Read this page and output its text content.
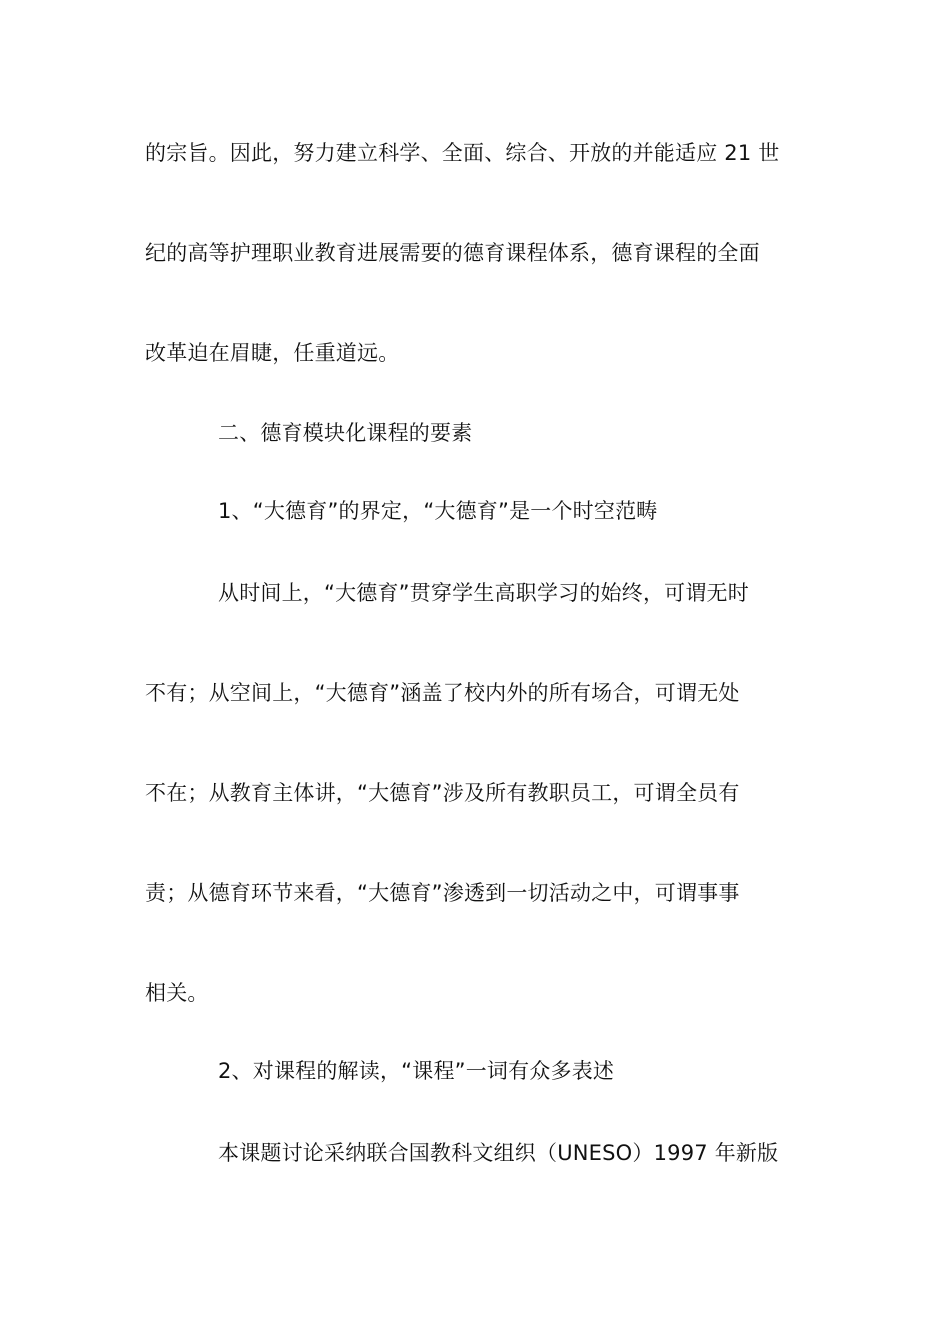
的宗旨。因此，努力建立科学、全面、综合、开放的并能适应 21 世
纪的高等护理职业教育进展需要的德育课程体系，德育课程的全面
改革迫在眉睫，任重道远。
二、德育模块化课程的要素
1、“大德育”的界定，“大德育”是一个时空范畴
从时间上，“大德育”贯穿学生高职学习的始终，可谓无时
不有；从空间上，“大德育”涵盖了校内外的所有场合，可谓无处
不在；从教育主体讲，“大德育”涉及所有教职员工，可谓全员有
责；从德育环节来看，“大德育”渗透到一切活动之中，可谓事事
相关。
2、对课程的解读，“课程”一词有众多表述
本课题讨论采纳联合国教科文组织（UNESO）1997 年新版
